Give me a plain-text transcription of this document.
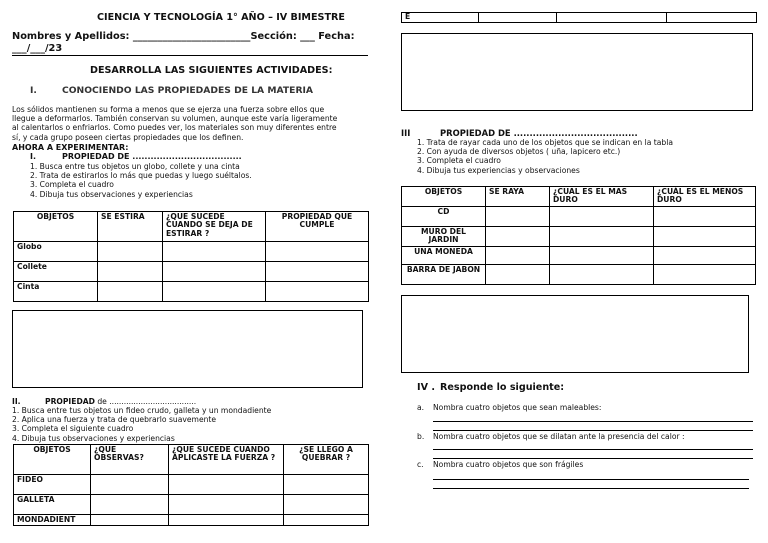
CIENCIA Y TECNOLOGÍA 1° AÑO – IV BIMESTRE
Nombres y Apellidos: ________________________Sección: ___ Fecha:
___/___/23
DESARROLLA LAS SIGUIENTES ACTIVIDADES:
I.	CONOCIENDO LAS PROPIEDADES DE LA MATERIA
Los sólidos mantienen su forma a menos que se ejerza una fuerza sobre ellos que
llegue a deformarlos. También conservan su volumen, aunque este varía ligeramente
al calentarlos o enfriarlos. Como puedes ver, los materiales son muy diferentes entre
sí, y cada grupo poseen ciertas propiedades que los definen.
AHORA A EXPERIMENTAR:
I.	PROPIEDAD DE ....................................
1. Busca entre tus objetos un globo, collete y una cinta
2. Trata de estirarlos lo más que puedas y luego suéltalos.
3. Completa el cuadro
4. Dibuja tus observaciones y experiencias
OBJETOS	SE ESTIRA	¿QUE SUCEDE CUANDO SE DEJA DE ESTIRAR ?	PROPIEDAD QUE CUMPLE
Globo			
Collete			
Cinta			
II.	PROPIEDAD de ....................................
1. Busca entre tus objetos un fideo crudo, galleta y un mondadiente
2. Aplica una fuerza y trata de quebrarlo suavemente
3. Completa el siguiente cuadro
4. Dibuja tus observaciones y experiencias
OBJETOS	¿QUE OBSERVAS?	¿QUE SUCEDE CUANDO APLICASTE LA FUERZA ?	¿SE LLEGO A QUEBRAR ?
FIDEO			
GALLETA			
MONDADIENT			
E			
III	PROPIEDAD DE .......................................
1. Trata de rayar cada uno de los objetos que se indican en la tabla
2. Con ayuda de diversos objetos ( uña, lapicero etc.)
3. Completa el cuadro
4. Dibuja tus experiencias y observaciones
OBJETOS	SE RAYA	¿CUAL ES EL MAS DURO	¿CUÁL ES EL MENOS DURO
CD			
MURO DEL JARDIN			
UNA MONEDA			
BARRA DE JABON			
IV . Responde lo siguiente:
a. Nombra cuatro objetos que sean maleables:
b. Nombra cuatro objetos que se dilatan ante la presencia del calor :
c. Nombra cuatro objetos que son frágiles
